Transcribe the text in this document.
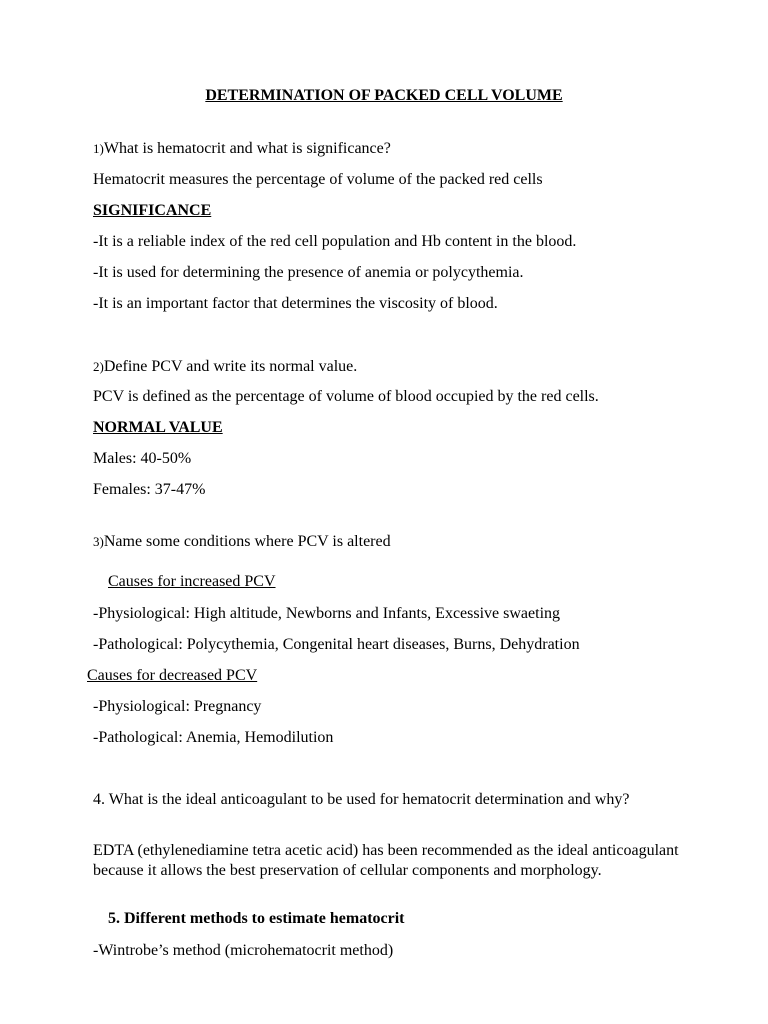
DETERMINATION OF PACKED CELL VOLUME
1)What is hematocrit and what is significance?
Hematocrit measures the percentage of volume of the packed red cells
SIGNIFICANCE
-It is a reliable index of the red cell population and Hb content in the blood.
-It is used for determining the presence of anemia or polycythemia.
-It is an important factor that determines the viscosity of blood.
2)Define PCV and write its normal value.
PCV is defined as the percentage of volume of blood occupied by the red cells.
NORMAL VALUE
Males: 40-50%
Females: 37-47%
3)Name some conditions where PCV is altered
Causes for increased PCV
-Physiological: High altitude, Newborns and Infants, Excessive swaeting
-Pathological: Polycythemia, Congenital heart diseases, Burns, Dehydration
Causes for decreased PCV
-Physiological: Pregnancy
-Pathological: Anemia, Hemodilution
4. What is the ideal anticoagulant to be used for hematocrit determination and why?
EDTA (ethylenediamine tetra acetic acid) has been recommended as the ideal anticoagulant because it allows the best preservation of cellular components and morphology.
5. Different methods to estimate hematocrit
-Wintrobe’s method (microhematocrit method)
